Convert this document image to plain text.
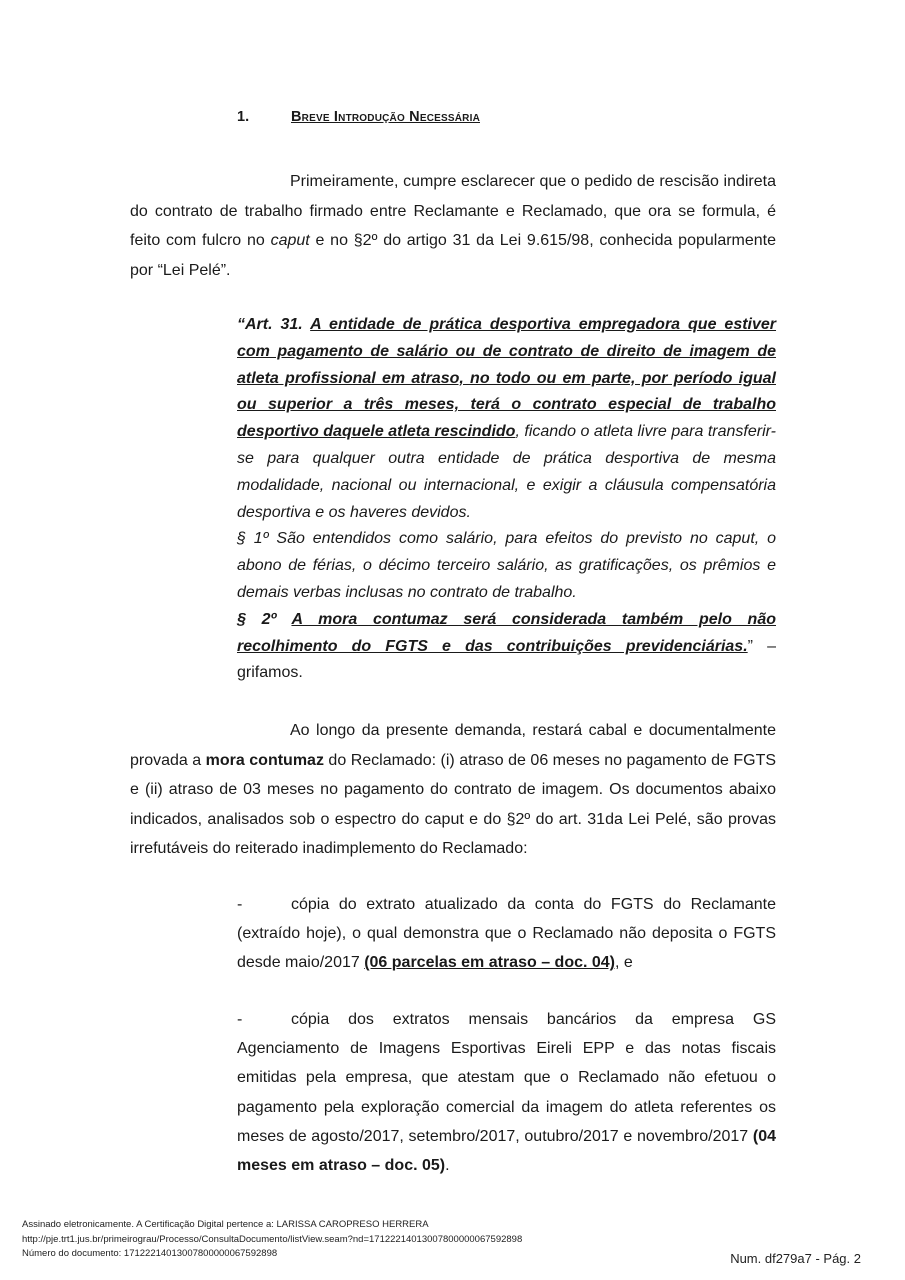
1.	Breve Introdução Necessária
Primeiramente, cumpre esclarecer que o pedido de rescisão indireta do contrato de trabalho firmado entre Reclamante e Reclamado, que ora se formula, é feito com fulcro no caput e no §2º do artigo 31 da Lei 9.615/98, conhecida popularmente por “Lei Pelé”.
“Art. 31. A entidade de prática desportiva empregadora que estiver com pagamento de salário ou de contrato de direito de imagem de atleta profissional em atraso, no todo ou em parte, por período igual ou superior a três meses, terá o contrato especial de trabalho desportivo daquele atleta rescindido, ficando o atleta livre para transferir-se para qualquer outra entidade de prática desportiva de mesma modalidade, nacional ou internacional, e exigir a cláusula compensatória desportiva e os haveres devidos.
§ 1º São entendidos como salário, para efeitos do previsto no caput, o abono de férias, o décimo terceiro salário, as gratificações, os prêmios e demais verbas inclusas no contrato de trabalho.
§ 2º A mora contumaz será considerada também pelo não recolhimento do FGTS e das contribuições previdenciárias.” – grifamos.
Ao longo da presente demanda, restará cabal e documentalmente provada a mora contumaz do Reclamado: (i) atraso de 06 meses no pagamento de FGTS e (ii) atraso de 03 meses no pagamento do contrato de imagem. Os documentos abaixo indicados, analisados sob o espectro do caput e do §2º do art. 31da Lei Pelé, são provas irrefutáveis do reiterado inadimplemento do Reclamado:
-	cópia do extrato atualizado da conta do FGTS do Reclamante (extraído hoje), o qual demonstra que o Reclamado não deposita o FGTS desde maio/2017 (06 parcelas em atraso – doc. 04), e
-	cópia dos extratos mensais bancários da empresa GS Agenciamento de Imagens Esportivas Eireli EPP e das notas fiscais emitidas pela empresa, que atestam que o Reclamado não efetuou o pagamento pela exploração comercial da imagem do atleta referentes os meses de agosto/2017, setembro/2017, outubro/2017 e novembro/2017 (04 meses em atraso – doc. 05).
Assinado eletronicamente. A Certificação Digital pertence a: LARISSA CAROPRESO HERRERA
http://pje.trt1.jus.br/primeirograu/Processo/ConsultaDocumento/listView.seam?nd=17122214013007800000067592898
Número do documento: 17122214013007800000067592898	Num. df279a7 - Pág. 2
